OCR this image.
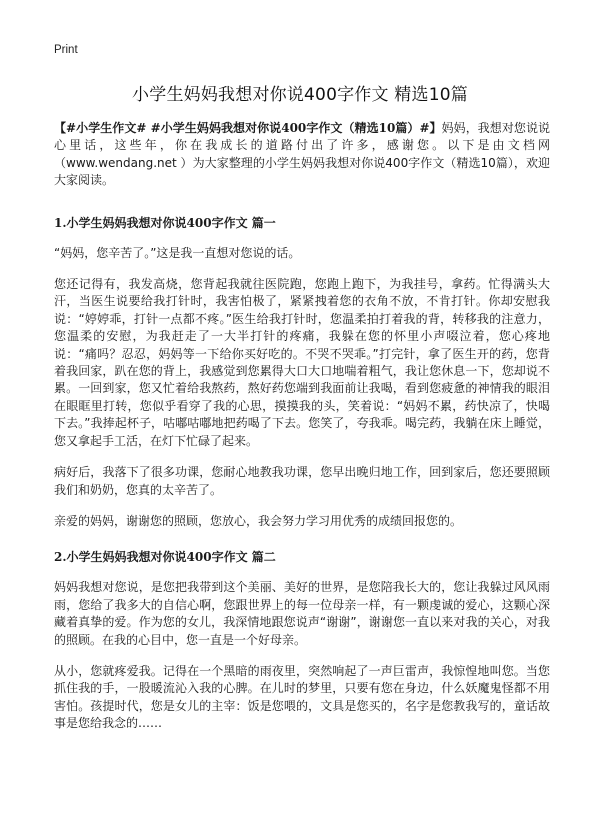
Print
小学生妈妈我想对你说400字作文 精选10篇

【#小学生作文# #小学生妈妈我想对你说400字作文（精选10篇）#】妈妈，我想对您说说心里话，这些年，你在我成长的道路付出了许多，感谢您。以下是由文档网（www.wendang.net ）为大家整理的小学生妈妈我想对你说400字作文（精选10篇），欢迎大家阅读。

1.小学生妈妈我想对你说400字作文 篇一

“妈妈，您辛苦了。”这是我一直想对您说的话。

您还记得有，我发高烧，您背起我就往医院跑，您跑上跑下，为我挂号，拿药。忙得满头大汗，当医生说要给我打针时，我害怕极了，紧紧拽着您的衣角不放，不肯打针。你却安慰我说：“婷婷乖，打针一点都不疼。”医生给我打针时，您温柔拍打着我的背，转移我的注意力，您温柔的安慰，为我赶走了一大半打针的疼痛，我躲在您的怀里小声啜泣着，您心疼地说：“痛吗？忍忍，妈妈等一下给你买好吃的。不哭不哭乖。”打完针，拿了医生开的药，您背着我回家，趴在您的背上，我感觉到您累得大口大口地喘着粗气，我让您休息一下，您却说不累。一回到家，您又忙着给我熬药，熬好药您端到我面前让我喝，看到您疲惫的神情我的眼泪在眼眶里打转，您似乎看穿了我的心思，摸摸我的头，笑着说：“妈妈不累，药快凉了，快喝下去。”我捧起杯子，咕嘟咕嘟地把药喝了下去。您笑了，夸我乖。喝完药，我躺在床上睡觉，您又拿起手工活，在灯下忙碌了起来。

病好后，我落下了很多功课，您耐心地教我功课，您早出晚归地工作，回到家后，您还要照顾我们和奶奶，您真的太辛苦了。

亲爱的妈妈，谢谢您的照顾，您放心，我会努力学习用优秀的成绩回报您的。

2.小学生妈妈我想对你说400字作文 篇二

妈妈我想对您说，是您把我带到这个美丽、美好的世界，是您陪我长大的，您让我躲过风风雨雨，您给了我多大的自信心啊，您跟世界上的每一位母亲一样，有一颗虔诚的爱心，这颗心深藏着真挚的爱。作为您的女儿，我深情地跟您说声“谢谢”，谢谢您一直以来对我的关心，对我的照顾。在我的心目中，您一直是一个好母亲。

从小，您就疼爱我。记得在一个黑暗的雨夜里，突然响起了一声巨雷声，我惊惶地叫您。当您抓住我的手，一股暖流沁入我的心脾。在儿时的梦里，只要有您在身边，什么妖魔鬼怪都不用害怕。孩提时代，您是女儿的主宰：饭是您喂的，文具是您买的，名字是您教我写的，童话故事是您给我念的……
